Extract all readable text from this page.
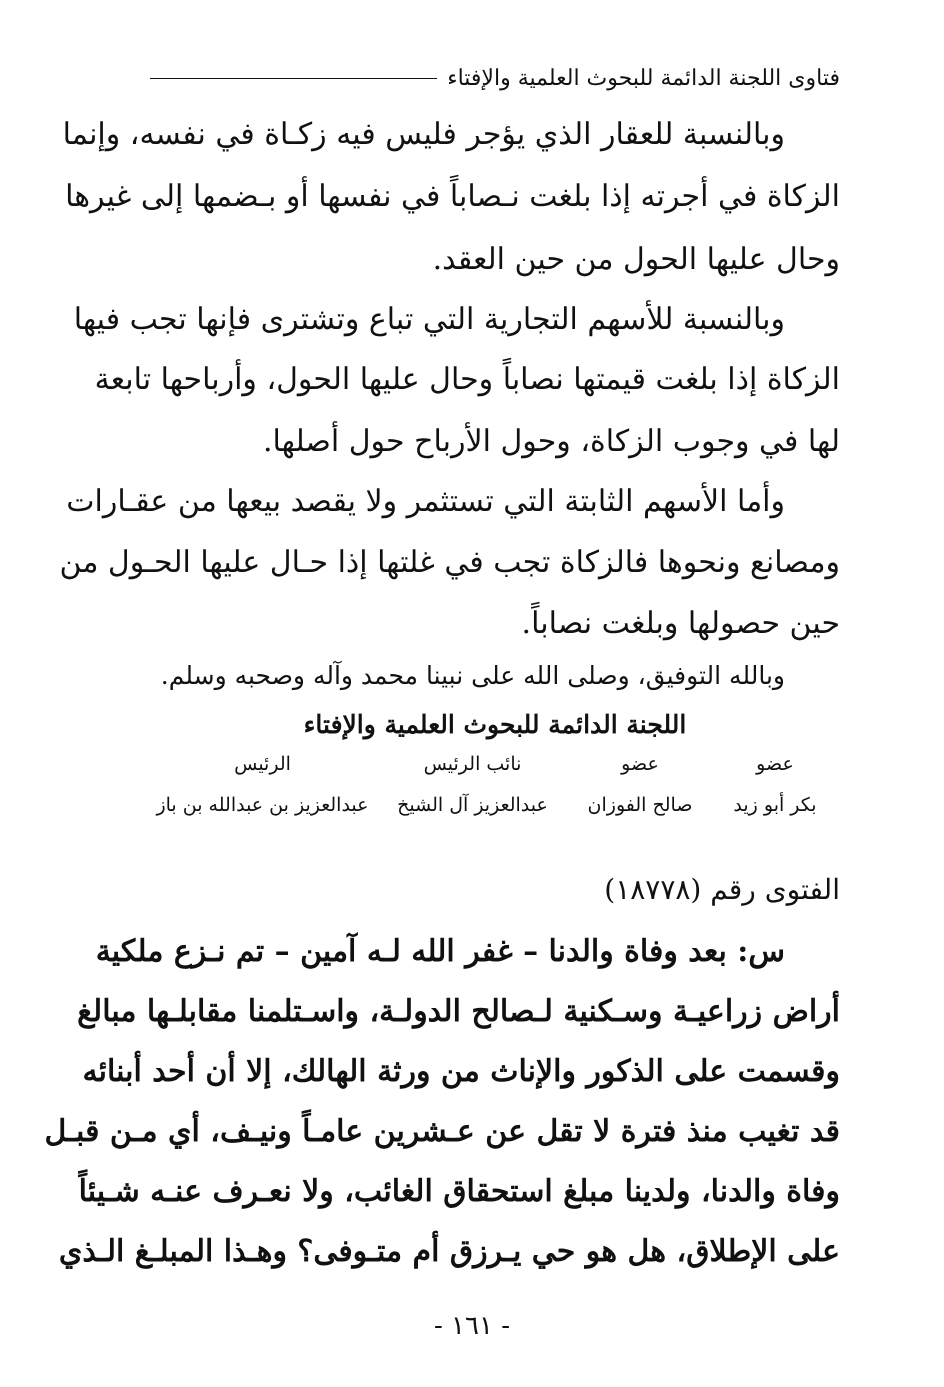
فتاوى اللجنة الدائمة للبحوث العلمية والإفتاء
وبالنسبة للعقار الذي يؤجر فليس فيه زكـاة في نفسه، وإنما
الزكاة في أجرته إذا بلغت نـصاباً في نفسها أو بـضمها إلى غيرها
وحال عليها الحول من حين العقد.
وبالنسبة للأسهم التجارية التي تباع وتشترى فإنها تجب فيها
الزكاة إذا بلغت قيمتها نصاباً وحال عليها الحول، وأرباحها تابعة
لها في وجوب الزكاة، وحول الأرباح حول أصلها.
وأما الأسهم الثابتة التي تستثمر ولا يقصد بيعها من عقـارات
ومصانع ونحوها فالزكاة تجب في غلتها إذا حـال عليها الحـول من
حين حصولها وبلغت نصاباً.
وبالله التوفيق، وصلى الله على نبينا محمد وآله وصحبه وسلم.
اللجنة الدائمة للبحوث العلمية والإفتاء
عضو
عضو
نائب الرئيس
الرئيس
بكر أبو زيد
صالح الفوزان
عبدالعزيز آل الشيخ
عبدالعزيز بن عبدالله بن باز
الفتوى رقم (١٨٧٧٨)
س: بعد وفاة والدنا – غفر الله لـه آمين – تم نـزع ملكية
أراض زراعيـة وسـكنية لـصالح الدولـة، واسـتلمنا مقابلـها مبالغ
وقسمت على الذكور والإناث من ورثة الهالك، إلا أن أحد أبنائه
قد تغيب منذ فترة لا تقل عن عـشرين عامـاً ونيـف، أي مـن قبـل
وفاة والدنا، ولدينا مبلغ استحقاق الغائب، ولا نعـرف عنـه شـيئاً
على الإطلاق، هل هو حي يـرزق أم متـوفى؟ وهـذا المبلـغ الـذي
- ١٦١ -
